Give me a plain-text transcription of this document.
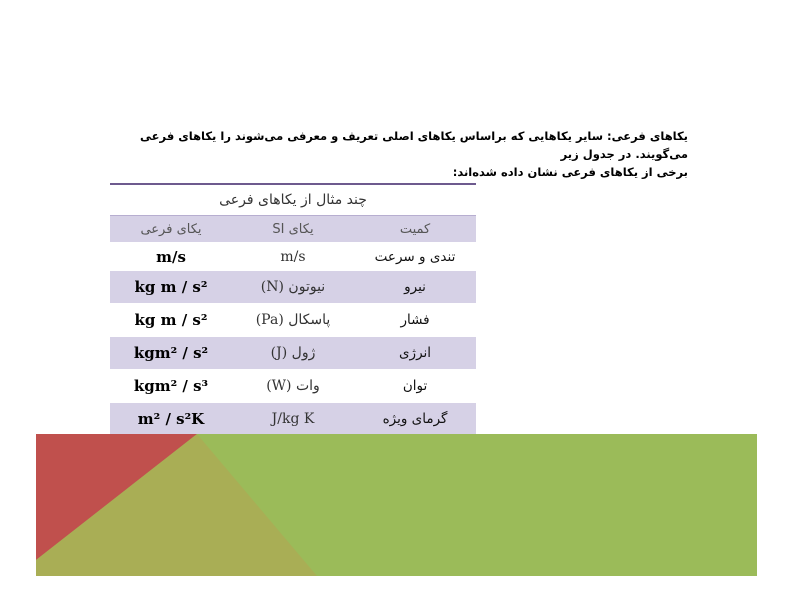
یکاهای فرعی: سایر یکاهایی که براساس یکاهای اصلی تعریف و معرفی می‌شوند را یکاهای فرعی می‌گویند. در جدول زیر

برخی از یکاهای فرعی نشان داده شده‌اند:

چند مثال از یکاهای فرعی		
یکای فرعی	یکای SI	کمیت
m/s	m/s	تندی و سرعت
kg m / s²	نیوتون (N)	نیرو
kg m / s²	پاسکال (Pa)	فشار
kgm² / s²	ژول (J)	انرژی
kgm² / s³	وات (W)	توان
m² / s²K	J/kg K	گرمای ویژه
